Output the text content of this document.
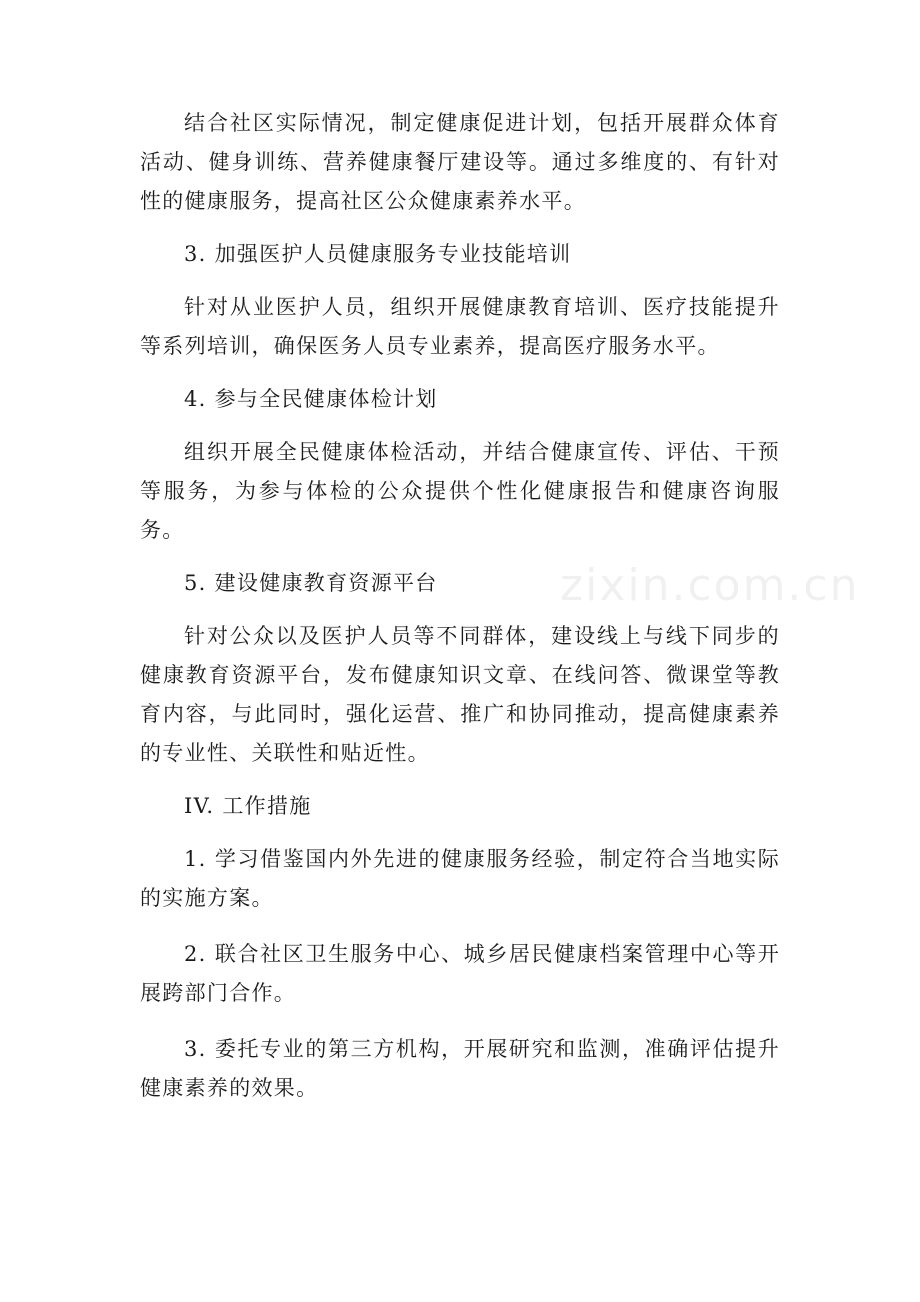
结合社区实际情况，制定健康促进计划，包括开展群众体育活动、健身训练、营养健康餐厅建设等。通过多维度的、有针对性的健康服务，提高社区公众健康素养水平。

3. 加强医护人员健康服务专业技能培训

针对从业医护人员，组织开展健康教育培训、医疗技能提升等系列培训，确保医务人员专业素养，提高医疗服务水平。

4. 参与全民健康体检计划

组织开展全民健康体检活动，并结合健康宣传、评估、干预等服务，为参与体检的公众提供个性化健康报告和健康咨询服务。

5. 建设健康教育资源平台

针对公众以及医护人员等不同群体，建设线上与线下同步的健康教育资源平台，发布健康知识文章、在线问答、微课堂等教育内容，与此同时，强化运营、推广和协同推动，提高健康素养的专业性、关联性和贴近性。

IV. 工作措施

1. 学习借鉴国内外先进的健康服务经验，制定符合当地实际的实施方案。

2. 联合社区卫生服务中心、城乡居民健康档案管理中心等开展跨部门合作。

3. 委托专业的第三方机构，开展研究和监测，准确评估提升健康素养的效果。

zixin.com.cn
